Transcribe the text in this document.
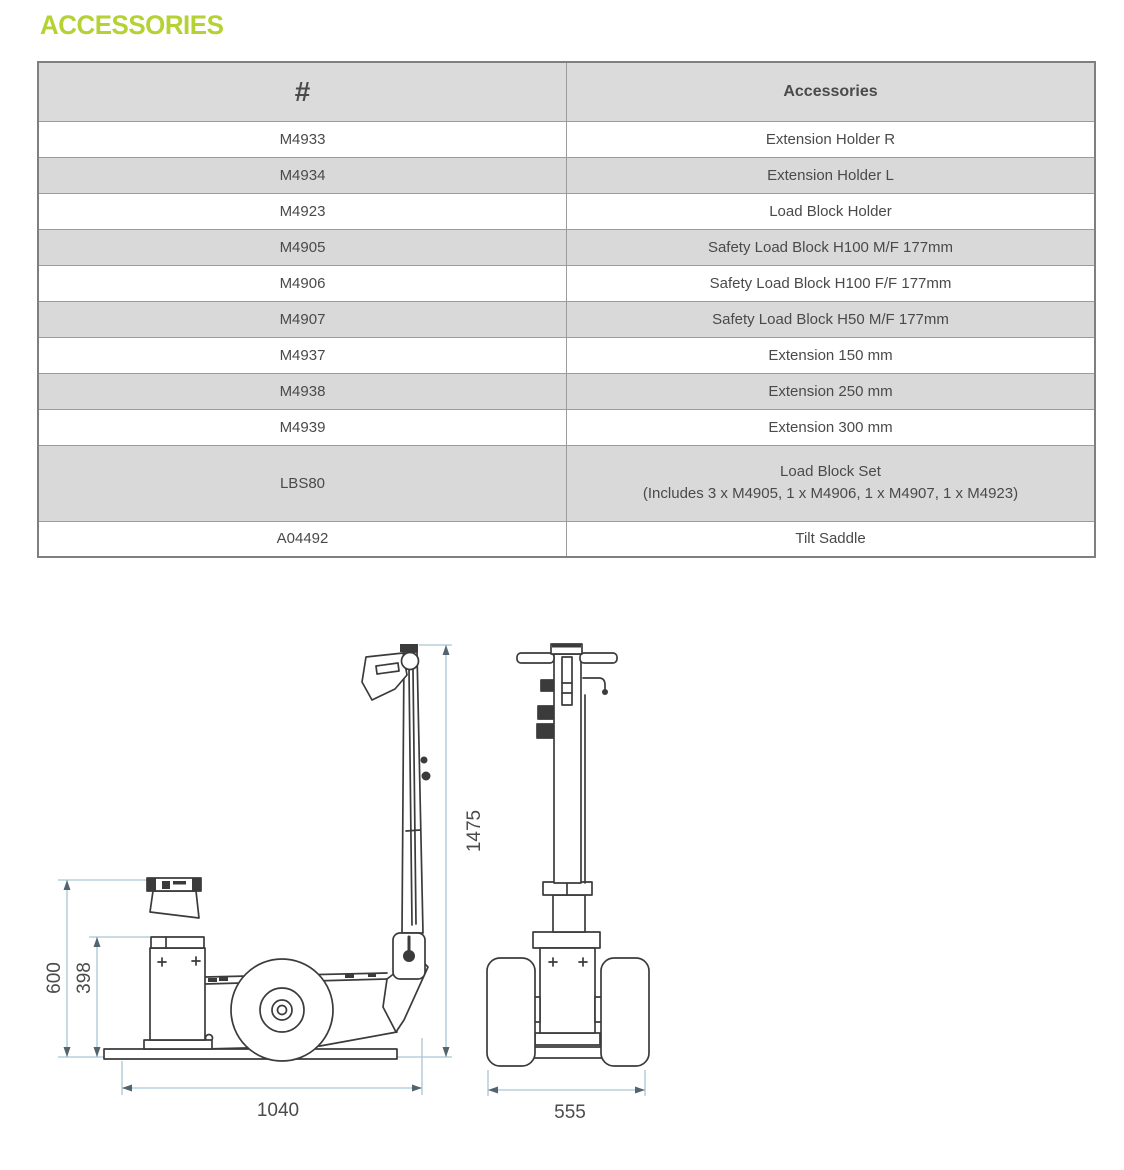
ACCESSORIES
#	Accessories
M4933	Extension Holder R
M4934	Extension Holder L
M4923	Load Block Holder
M4905	Safety Load Block H100 M/F 177mm
M4906	Safety Load Block H100 F/F 177mm
M4907	Safety Load Block H50 M/F 177mm
M4937	Extension 150 mm
M4938	Extension 250 mm
M4939	Extension 300 mm
LBS80	Load Block Set
(Includes 3 x M4905, 1 x M4906, 1 x M4907, 1 x M4923)

A04492	Tilt Saddle
1475
600 398
1040	555
